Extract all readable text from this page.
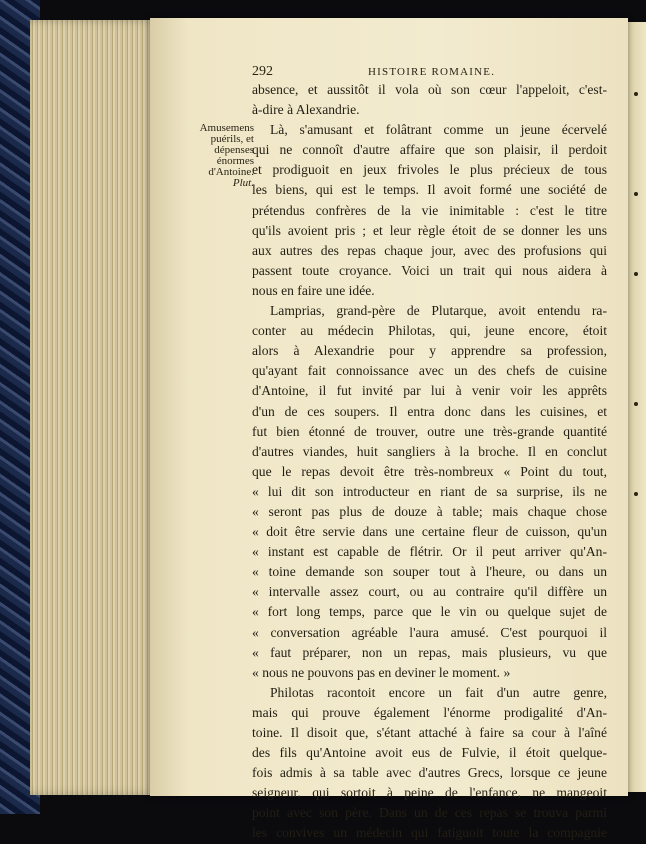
292	HISTOIRE ROMAINE.
Amusemens
puérils, et
dépenses
énormes
d'Antoine.
Plut.
absence, et aussitôt il vola où son cœur l'appeloit, c'est-
à-dire à Alexandrie.
Là, s'amusant et folâtrant comme un jeune écervelé
qui ne connoît d'autre affaire que son plaisir, il perdoit
et prodiguoit en jeux frivoles le plus précieux de tous
les biens, qui est le temps. Il avoit formé une société de
prétendus confrères de la vie inimitable : c'est le titre
qu'ils avoient pris ; et leur règle étoit de se donner les uns
aux autres des repas chaque jour, avec des profusions qui
passent toute croyance. Voici un trait qui nous aidera à
nous en faire une idée.
Lamprias, grand-père de Plutarque, avoit entendu ra-
conter au médecin Philotas, qui, jeune encore, étoit
alors à Alexandrie pour y apprendre sa profession,
qu'ayant fait connoissance avec un des chefs de cuisine
d'Antoine, il fut invité par lui à venir voir les apprêts
d'un de ces soupers. Il entra donc dans les cuisines, et
fut bien étonné de trouver, outre une très-grande quantité
d'autres viandes, huit sangliers à la broche. Il en conclut
que le repas devoit être très-nombreux « Point du tout,
« lui dit son introducteur en riant de sa surprise, ils ne
« seront pas plus de douze à table; mais chaque chose
« doit être servie dans une certaine fleur de cuisson, qu'un
« instant est capable de flétrir. Or il peut arriver qu'An-
« toine demande son souper tout à l'heure, ou dans un
« intervalle assez court, ou au contraire qu'il diffère un
« fort long temps, parce que le vin ou quelque sujet de
« conversation agréable l'aura amusé. C'est pourquoi il
« faut préparer, non un repas, mais plusieurs, vu que
« nous ne pouvons pas en deviner le moment. »
Philotas racontoit encore un fait d'un autre genre,
mais qui prouve également l'énorme prodigalité d'An-
toine. Il disoit que, s'étant attaché à faire sa cour à l'aîné
des fils qu'Antoine avoit eus de Fulvie, il étoit quelque-
fois admis à sa table avec d'autres Grecs, lorsque ce jeune
seigneur, qui sortoit à peine de l'enfance, ne mangeoit
point avec son père. Dans un de ces repas se trouva parmi
les convives un médecin qui fatiguoit toute la compagnie
